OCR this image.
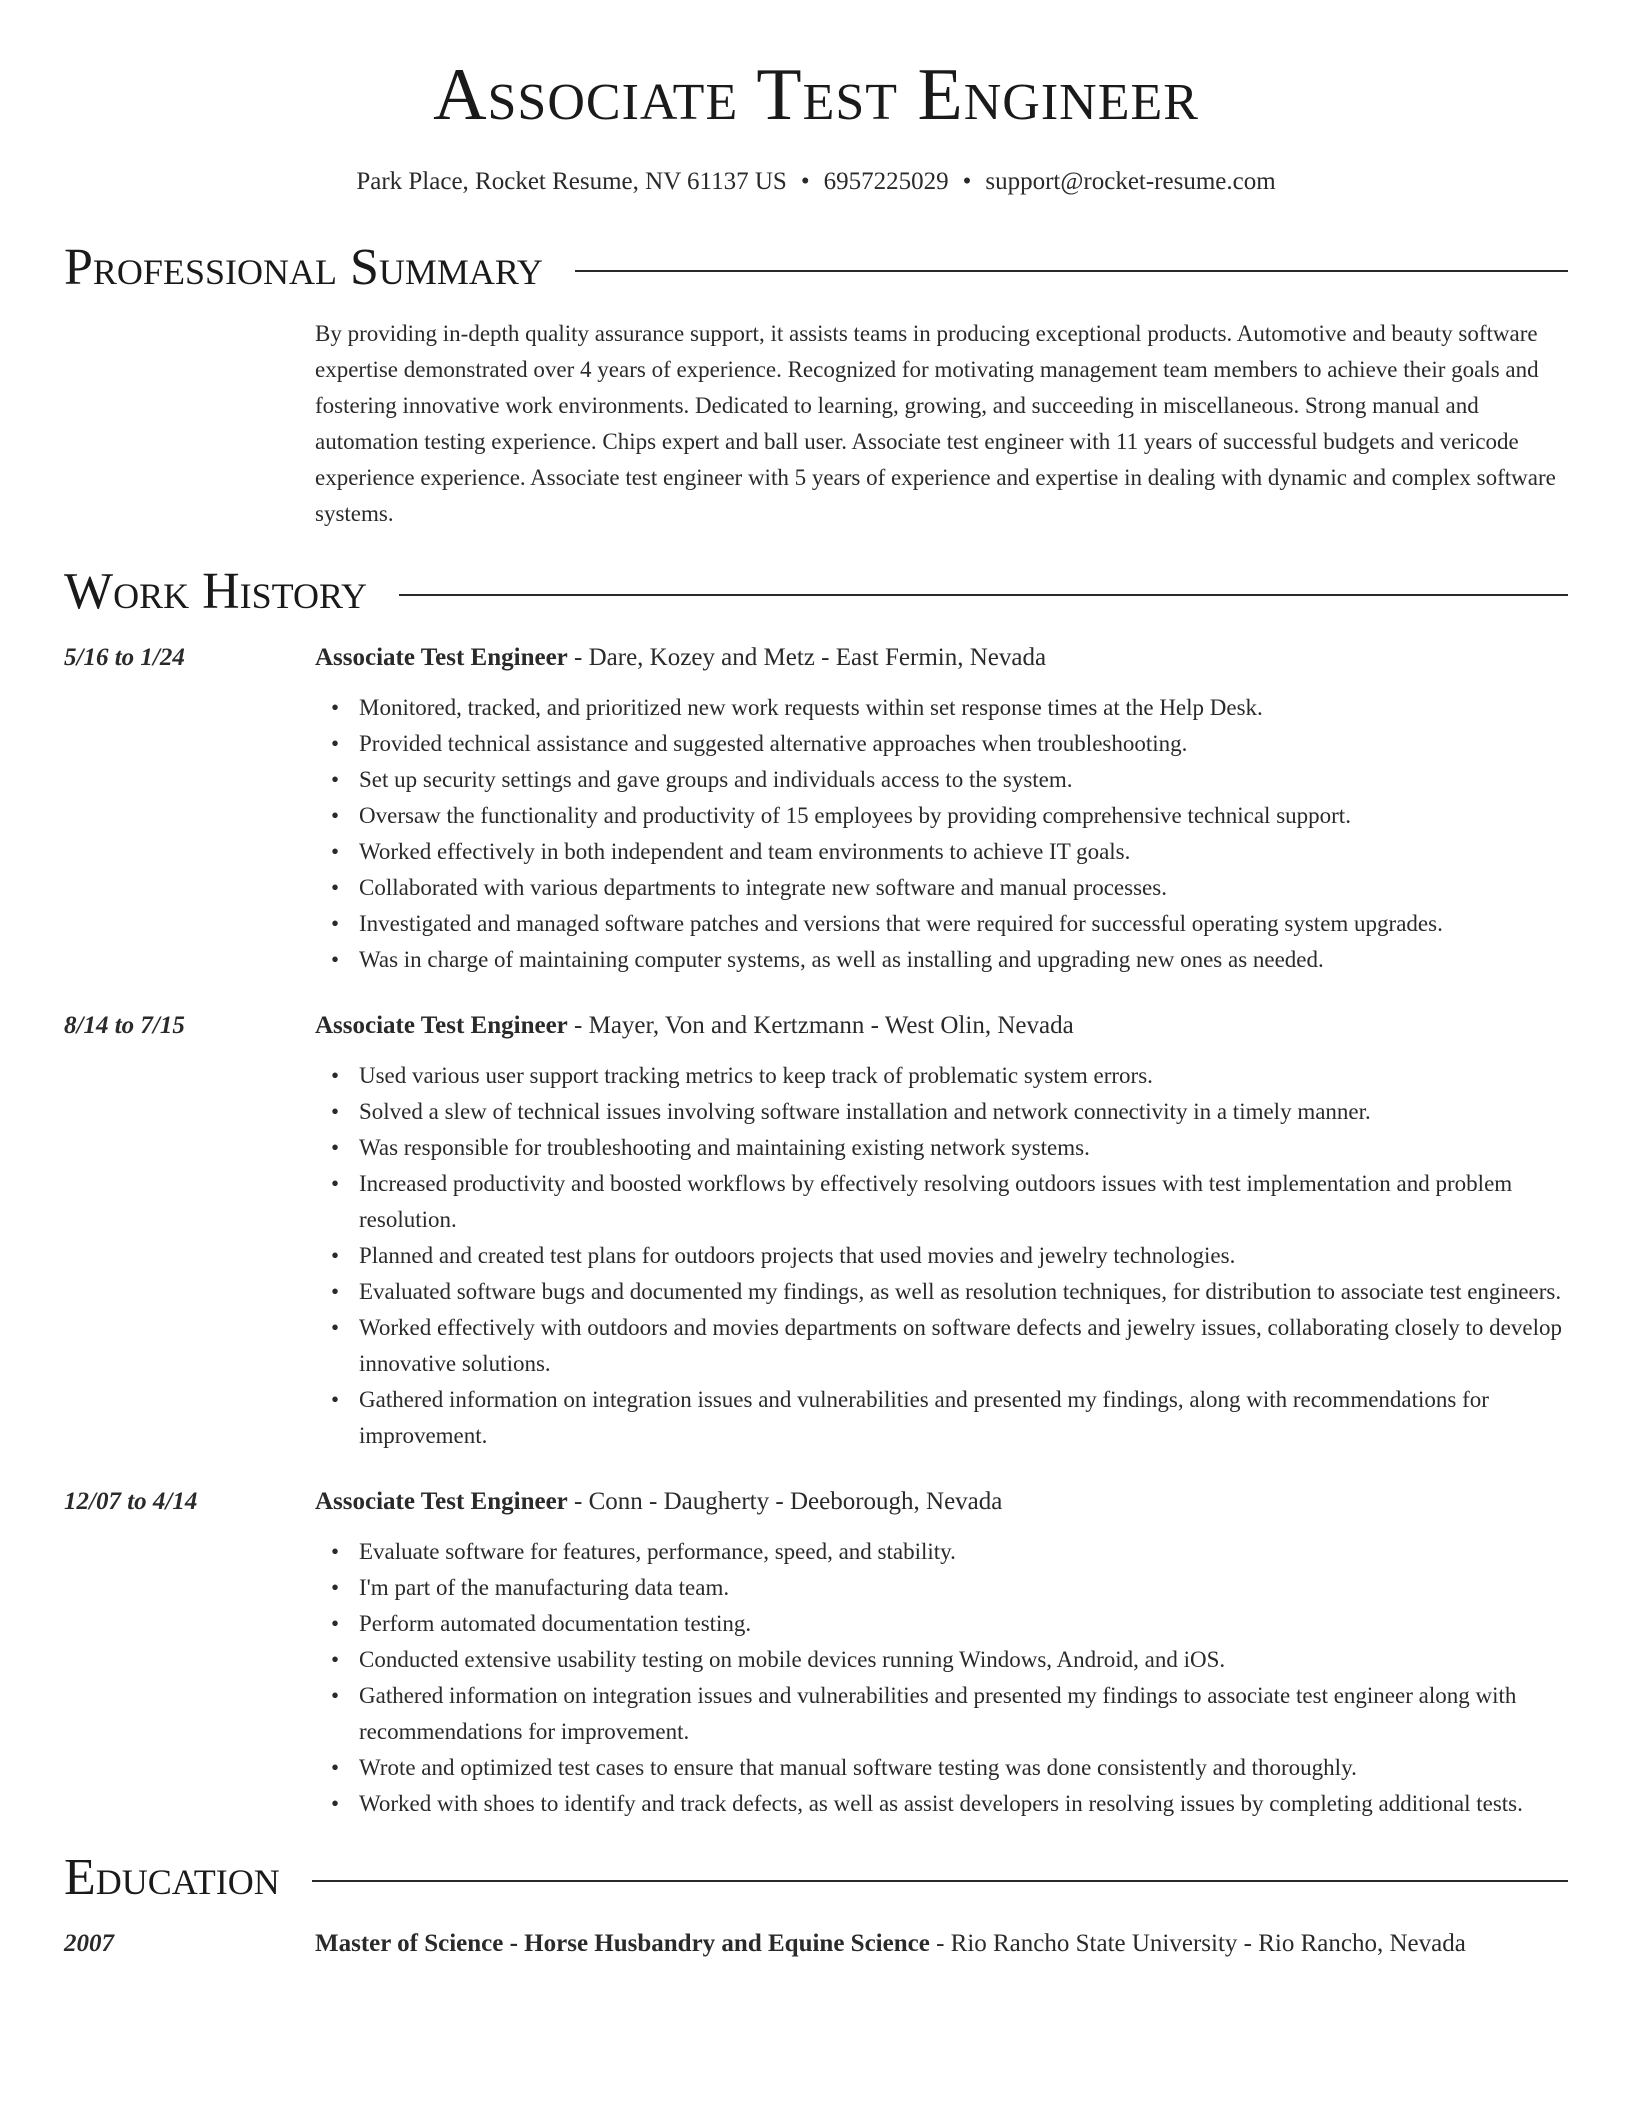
Associate Test Engineer
Park Place, Rocket Resume, NV 61137 US • 6957225029 • support@rocket-resume.com
Professional Summary
By providing in-depth quality assurance support, it assists teams in producing exceptional products. Automotive and beauty software expertise demonstrated over 4 years of experience. Recognized for motivating management team members to achieve their goals and fostering innovative work environments. Dedicated to learning, growing, and succeeding in miscellaneous. Strong manual and automation testing experience. Chips expert and ball user. Associate test engineer with 11 years of successful budgets and vericode experience experience. Associate test engineer with 5 years of experience and expertise in dealing with dynamic and complex software systems.
Work History
5/16 to 1/24	Associate Test Engineer - Dare, Kozey and Metz - East Fermin, Nevada
• Monitored, tracked, and prioritized new work requests within set response times at the Help Desk.
• Provided technical assistance and suggested alternative approaches when troubleshooting.
• Set up security settings and gave groups and individuals access to the system.
• Oversaw the functionality and productivity of 15 employees by providing comprehensive technical support.
• Worked effectively in both independent and team environments to achieve IT goals.
• Collaborated with various departments to integrate new software and manual processes.
• Investigated and managed software patches and versions that were required for successful operating system upgrades.
• Was in charge of maintaining computer systems, as well as installing and upgrading new ones as needed.
8/14 to 7/15	Associate Test Engineer - Mayer, Von and Kertzmann - West Olin, Nevada
• Used various user support tracking metrics to keep track of problematic system errors.
• Solved a slew of technical issues involving software installation and network connectivity in a timely manner.
• Was responsible for troubleshooting and maintaining existing network systems.
• Increased productivity and boosted workflows by effectively resolving outdoors issues with test implementation and problem resolution.
• Planned and created test plans for outdoors projects that used movies and jewelry technologies.
• Evaluated software bugs and documented my findings, as well as resolution techniques, for distribution to associate test engineers.
• Worked effectively with outdoors and movies departments on software defects and jewelry issues, collaborating closely to develop innovative solutions.
• Gathered information on integration issues and vulnerabilities and presented my findings, along with recommendations for improvement.
12/07 to 4/14	Associate Test Engineer - Conn - Daugherty - Deeborough, Nevada
• Evaluate software for features, performance, speed, and stability.
• I'm part of the manufacturing data team.
• Perform automated documentation testing.
• Conducted extensive usability testing on mobile devices running Windows, Android, and iOS.
• Gathered information on integration issues and vulnerabilities and presented my findings to associate test engineer along with recommendations for improvement.
• Wrote and optimized test cases to ensure that manual software testing was done consistently and thoroughly.
• Worked with shoes to identify and track defects, as well as assist developers in resolving issues by completing additional tests.
Education
2007	Master of Science - Horse Husbandry and Equine Science - Rio Rancho State University - Rio Rancho, Nevada
